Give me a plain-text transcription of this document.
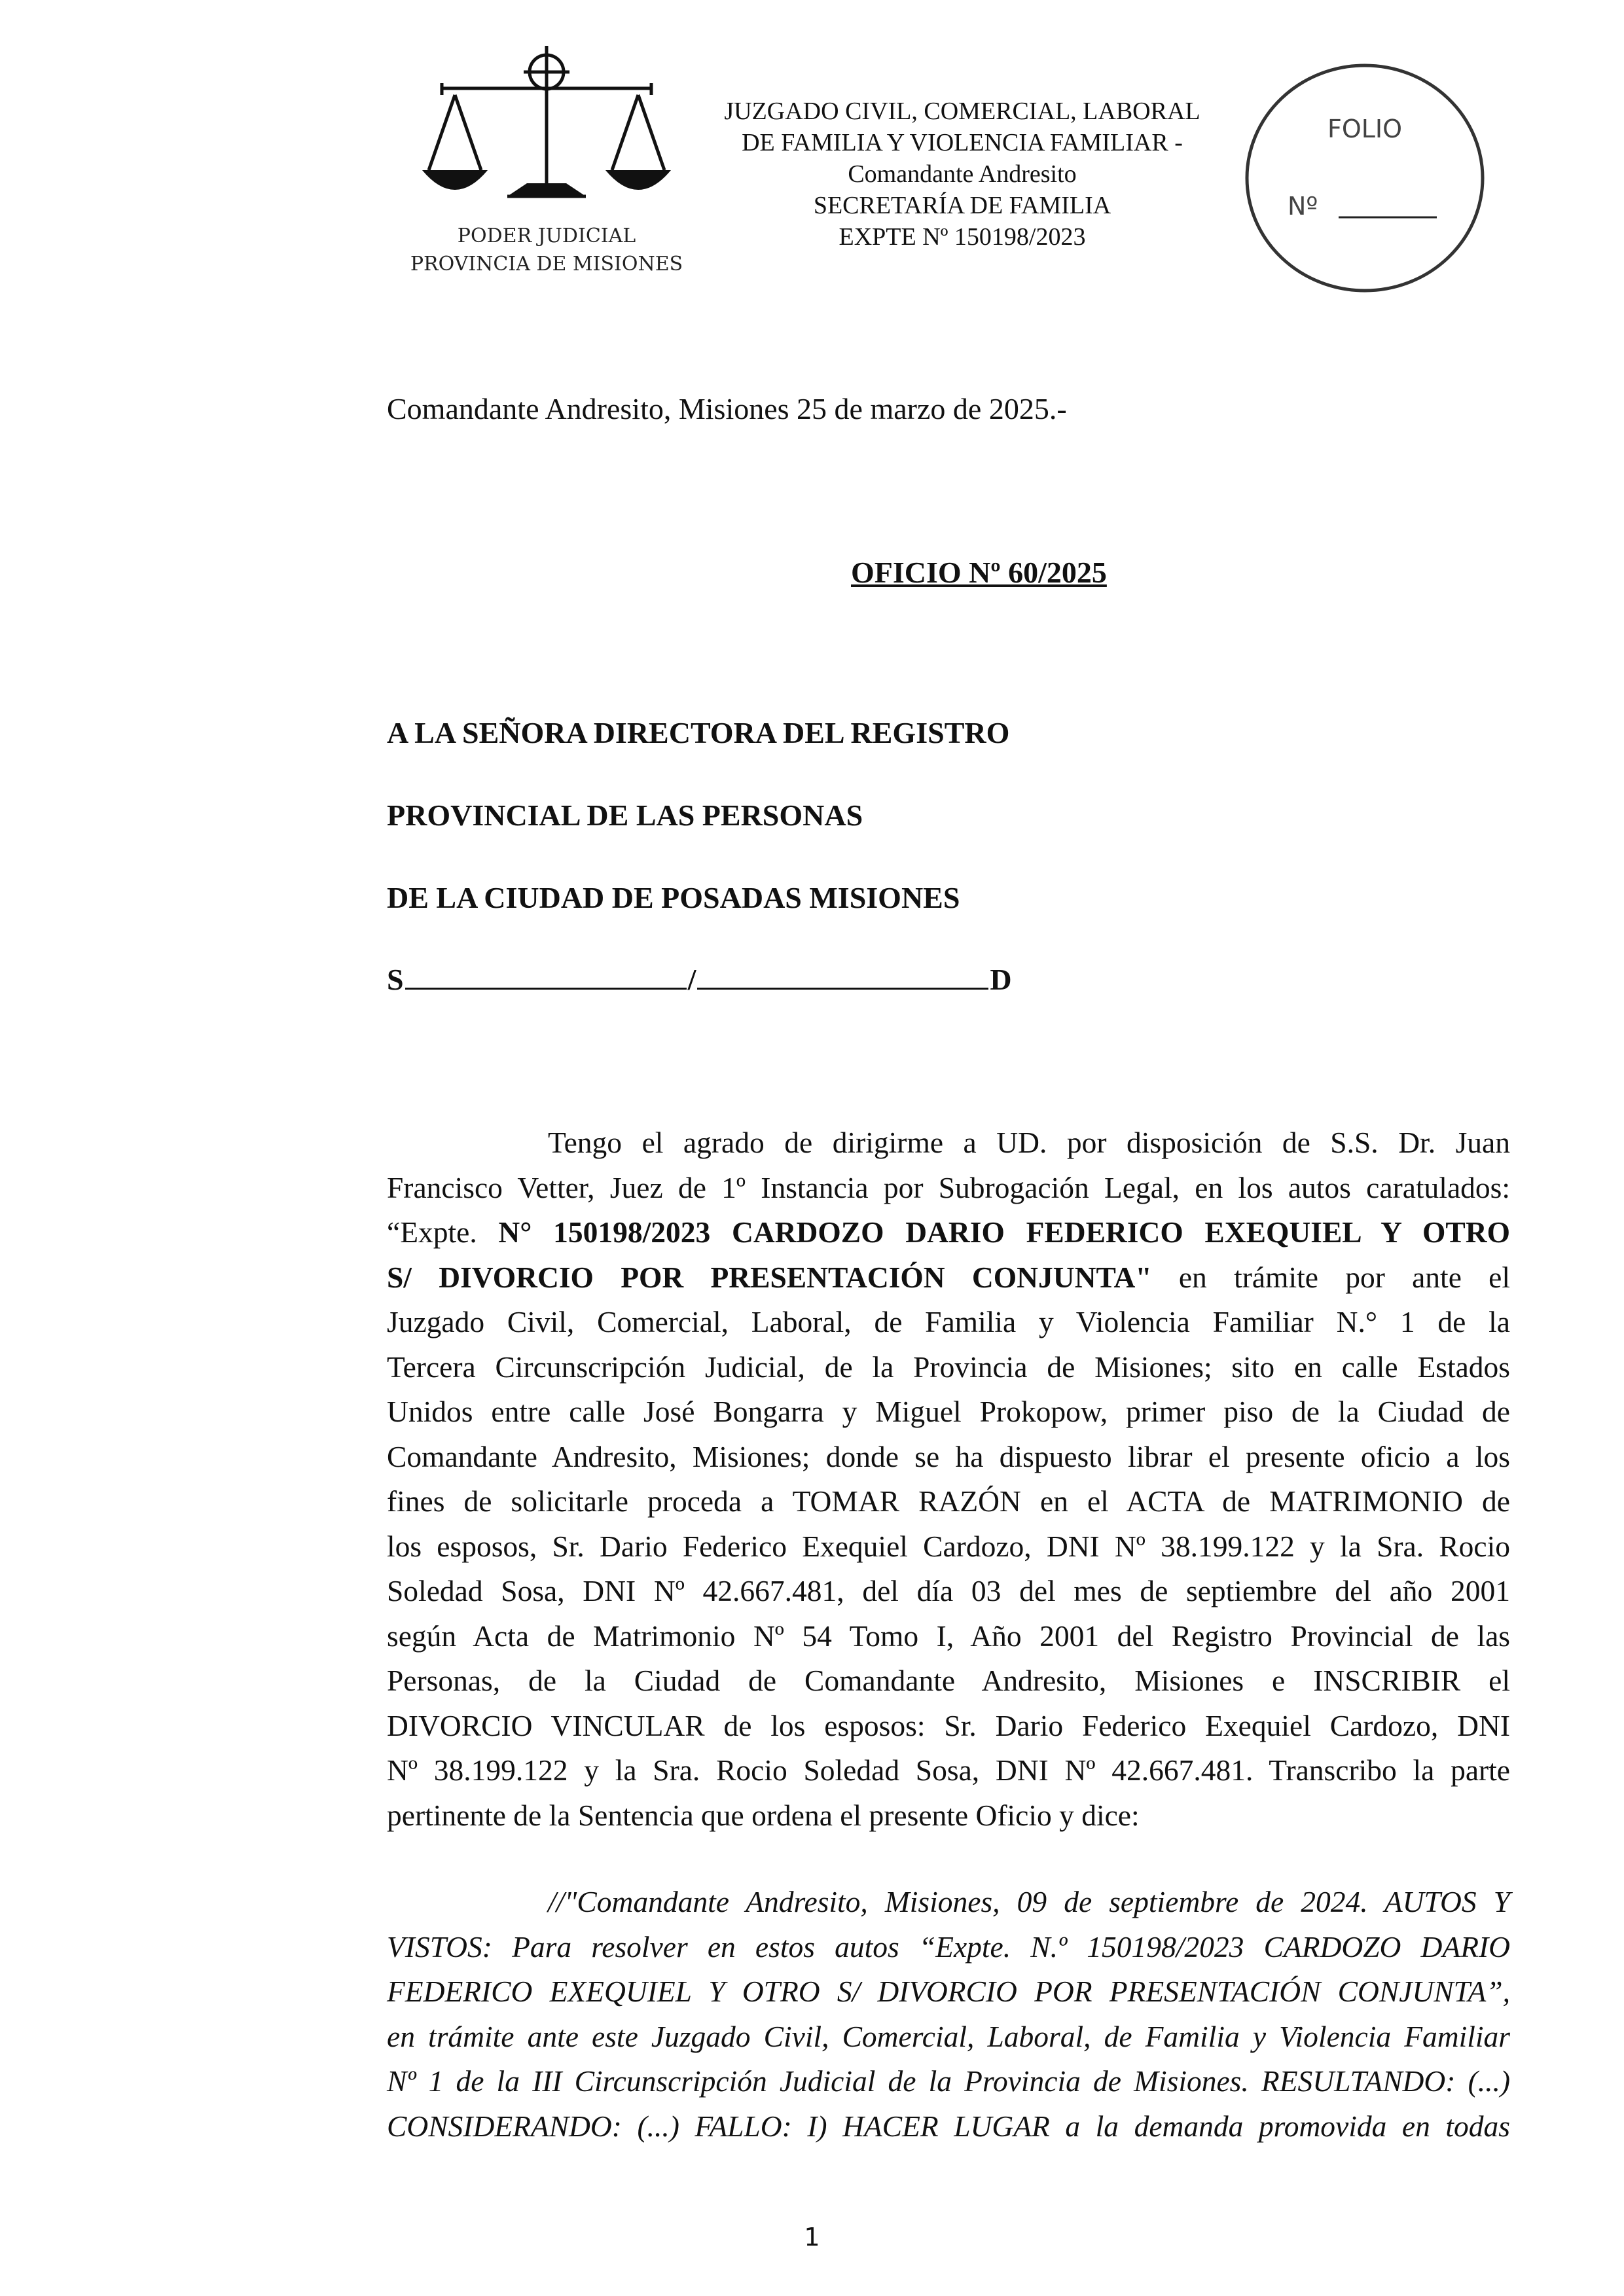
PODER JUDICIAL
PROVINCIA DE MISIONES
JUZGADO CIVIL, COMERCIAL, LABORAL
DE FAMILIA Y VIOLENCIA FAMILIAR -
Comandante Andresito
SECRETARÍA DE FAMILIA
EXPTE Nº 150198/2023
FOLIO
Nº
Comandante Andresito, Misiones 25 de marzo de 2025.-
OFICIO Nº 60/2025
A LA SEÑORA DIRECTORA DEL REGISTRO
PROVINCIAL DE LAS PERSONAS
DE LA CIUDAD DE POSADAS MISIONES
S	/	D
Tengo el agrado de dirigirme a UD. por disposición de S.S. Dr. Juan
Francisco Vetter, Juez de 1º Instancia por Subrogación Legal, en los autos caratulados:
“Expte. N° 150198/2023 CARDOZO DARIO FEDERICO EXEQUIEL Y OTRO
S/ DIVORCIO POR PRESENTACIÓN CONJUNTA" en trámite por ante el
Juzgado Civil, Comercial, Laboral, de Familia y Violencia Familiar N.° 1 de la
Tercera Circunscripción Judicial, de la Provincia de Misiones; sito en calle Estados
Unidos entre calle José Bongarra y Miguel Prokopow, primer piso de la Ciudad de
Comandante Andresito, Misiones; donde se ha dispuesto librar el presente oficio a los
fines de solicitarle proceda a TOMAR RAZÓN en el ACTA de MATRIMONIO de
los esposos, Sr. Dario Federico Exequiel Cardozo, DNI Nº 38.199.122 y la Sra. Rocio
Soledad Sosa, DNI Nº 42.667.481, del día 03 del mes de septiembre del año 2001
según Acta de Matrimonio Nº 54 Tomo I, Año 2001 del Registro Provincial de las
Personas, de la Ciudad de Comandante Andresito, Misiones e INSCRIBIR el
DIVORCIO VINCULAR de los esposos: Sr. Dario Federico Exequiel Cardozo, DNI
Nº 38.199.122 y la Sra. Rocio Soledad Sosa, DNI Nº 42.667.481. Transcribo la parte
pertinente de la Sentencia que ordena el presente Oficio y dice:
//"Comandante Andresito, Misiones, 09 de septiembre de 2024. AUTOS Y
VISTOS: Para resolver en estos autos “Expte. N.º 150198/2023 CARDOZO DARIO
FEDERICO EXEQUIEL Y OTRO S/ DIVORCIO POR PRESENTACIÓN CONJUNTA”,
en trámite ante este Juzgado Civil, Comercial, Laboral, de Familia y Violencia Familiar
Nº 1 de la III Circunscripción Judicial de la Provincia de Misiones. RESULTANDO: (...)
CONSIDERANDO: (...) FALLO: I) HACER LUGAR a la demanda promovida en todas
1
